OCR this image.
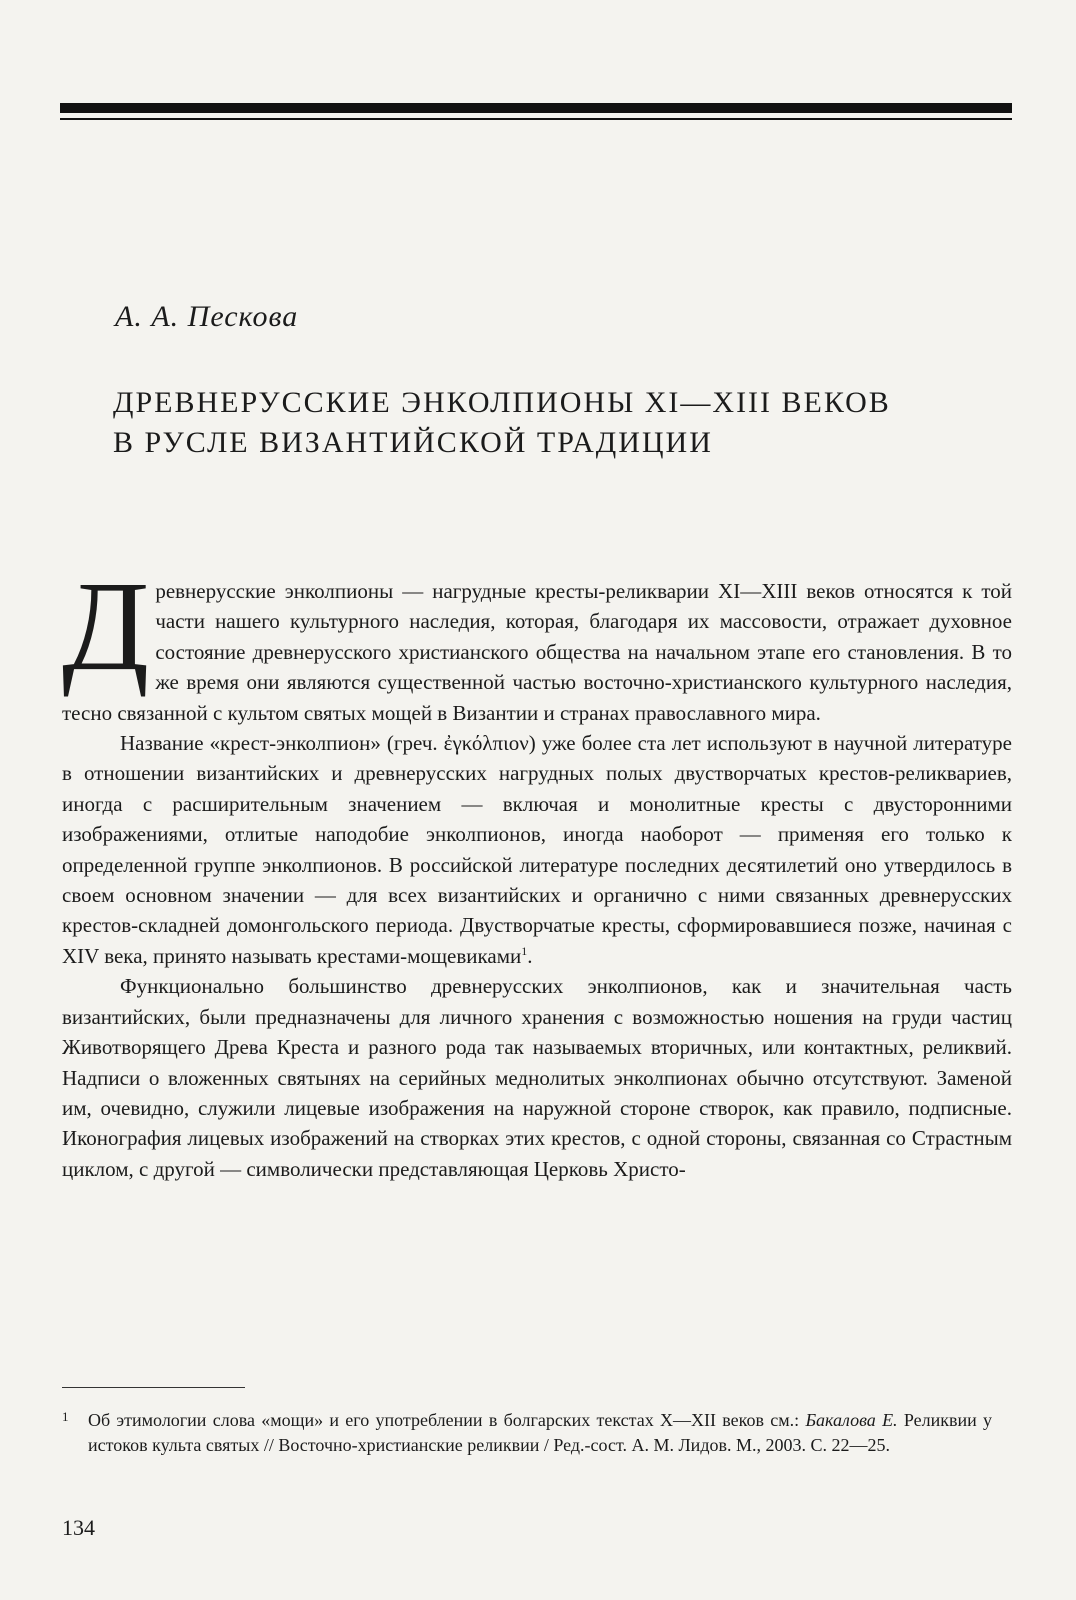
А. А. Пескова

ДРЕВНЕРУССКИЕ ЭНКОЛПИОНЫ XI—XIII ВЕКОВ
В РУСЛЕ ВИЗАНТИЙСКОЙ ТРАДИЦИИ

Древнерусские энколпионы — нагрудные кресты-реликварии XI—XIII веков относятся к той части нашего культурного наследия, которая, благодаря их массовости, отражает духовное состояние древнерусского христианского общества на начальном этапе его становления. В то же время они являются существенной частью восточно-христианского культурного наследия, тесно связанной с культом святых мощей в Византии и странах православного мира.

Название «крест-энколпион» (греч. ἐγκόλπιον) уже более ста лет используют в научной литературе в отношении византийских и древнерусских нагрудных полых двустворчатых крестов-реликвариев, иногда с расширительным значением — включая и монолитные кресты с двусторонними изображениями, отлитые наподобие энколпионов, иногда наоборот — применяя его только к определенной группе энколпионов. В российской литературе последних десятилетий оно утвердилось в своем основном значении — для всех византийских и органично с ними связанных древнерусских крестов-складней домонгольского периода. Двустворчатые кресты, сформировавшиеся позже, начиная с XIV века, принято называть крестами-мощевиками$^1$.

Функционально большинство древнерусских энколпионов, как и значительная часть византийских, были предназначены для личного хранения с возможностью ношения на груди частиц Животворящего Древа Креста и разного рода так называемых вторичных, или контактных, реликвий. Надписи о вложенных святынях на серийных меднолитых энколпионах обычно отсутствуют. Заменой им, очевидно, служили лицевые изображения на наружной стороне створок, как правило, подписные. Иконография лицевых изображений на створках этих крестов, с одной стороны, связанная со Страстным циклом, с другой — символически представляющая Церковь Христо-

1 Об этимологии слова «мощи» и его употреблении в болгарских текстах X—XII веков см.: Бакалова Е. Реликвии у истоков культа святых // Восточно-христианские реликвии / Ред.-сост. А. М. Лидов. М., 2003. С. 22—25.
134
